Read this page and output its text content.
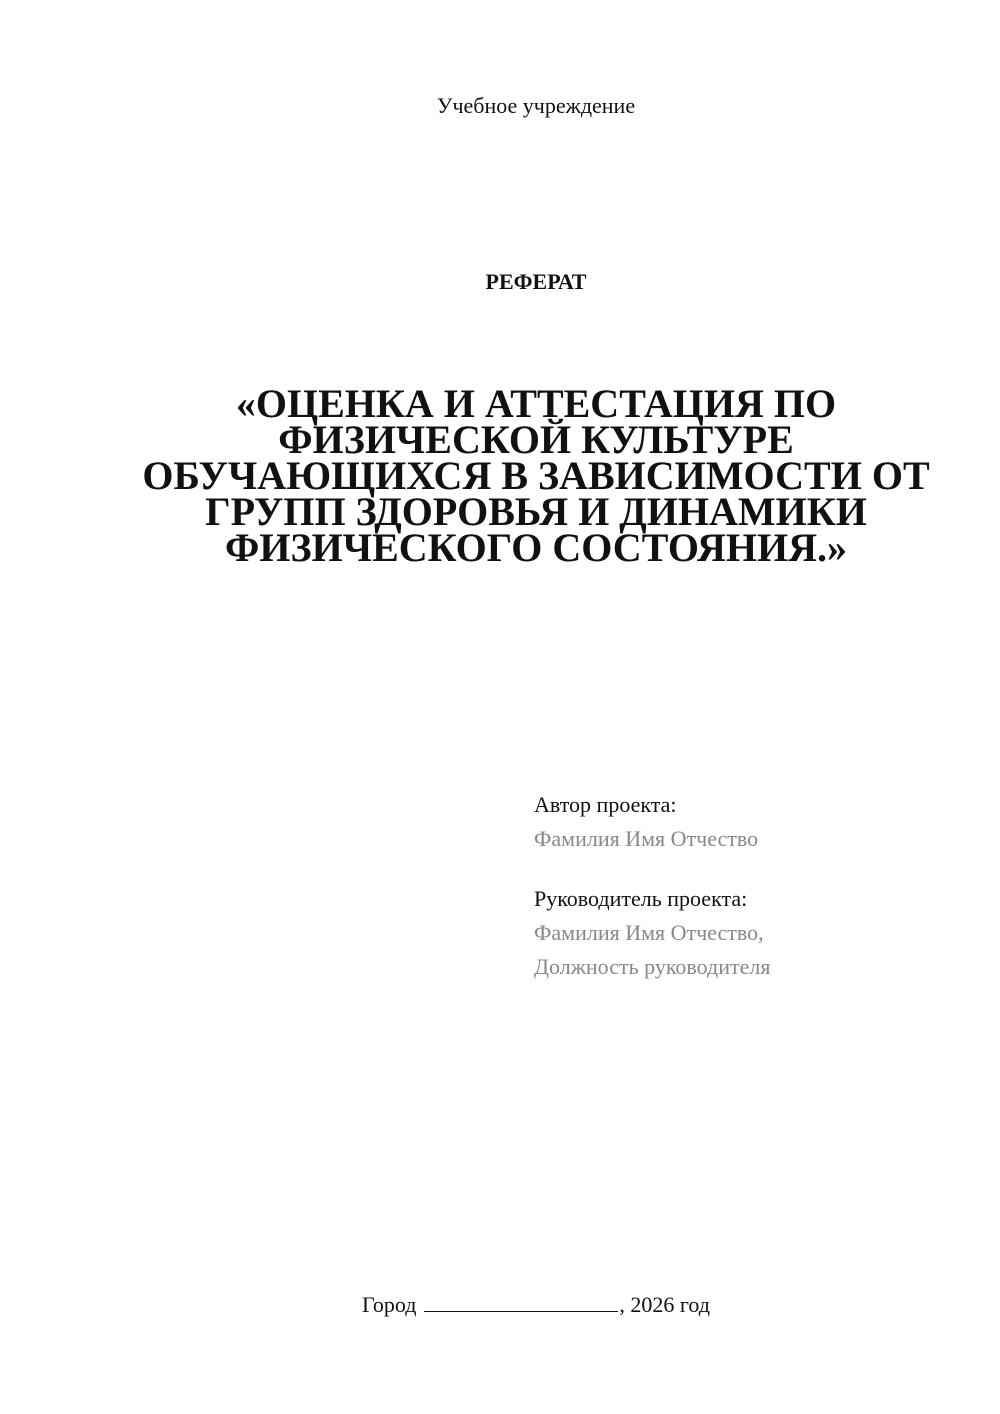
Учебное учреждение
РЕФЕРАТ
«ОЦЕНКА И АТТЕСТАЦИЯ ПО
ФИЗИЧЕСКОЙ КУЛЬТУРЕ
ОБУЧАЮЩИХСЯ В ЗАВИСИМОСТИ ОТ
ГРУПП ЗДОРОВЬЯ И ДИНАМИКИ
ФИЗИЧЕСКОГО СОСТОЯНИЯ.»
Автор проекта:
Фамилия Имя Отчество
Руководитель проекта:
Фамилия Имя Отчество,
Должность руководителя
Город	, 2026 год
